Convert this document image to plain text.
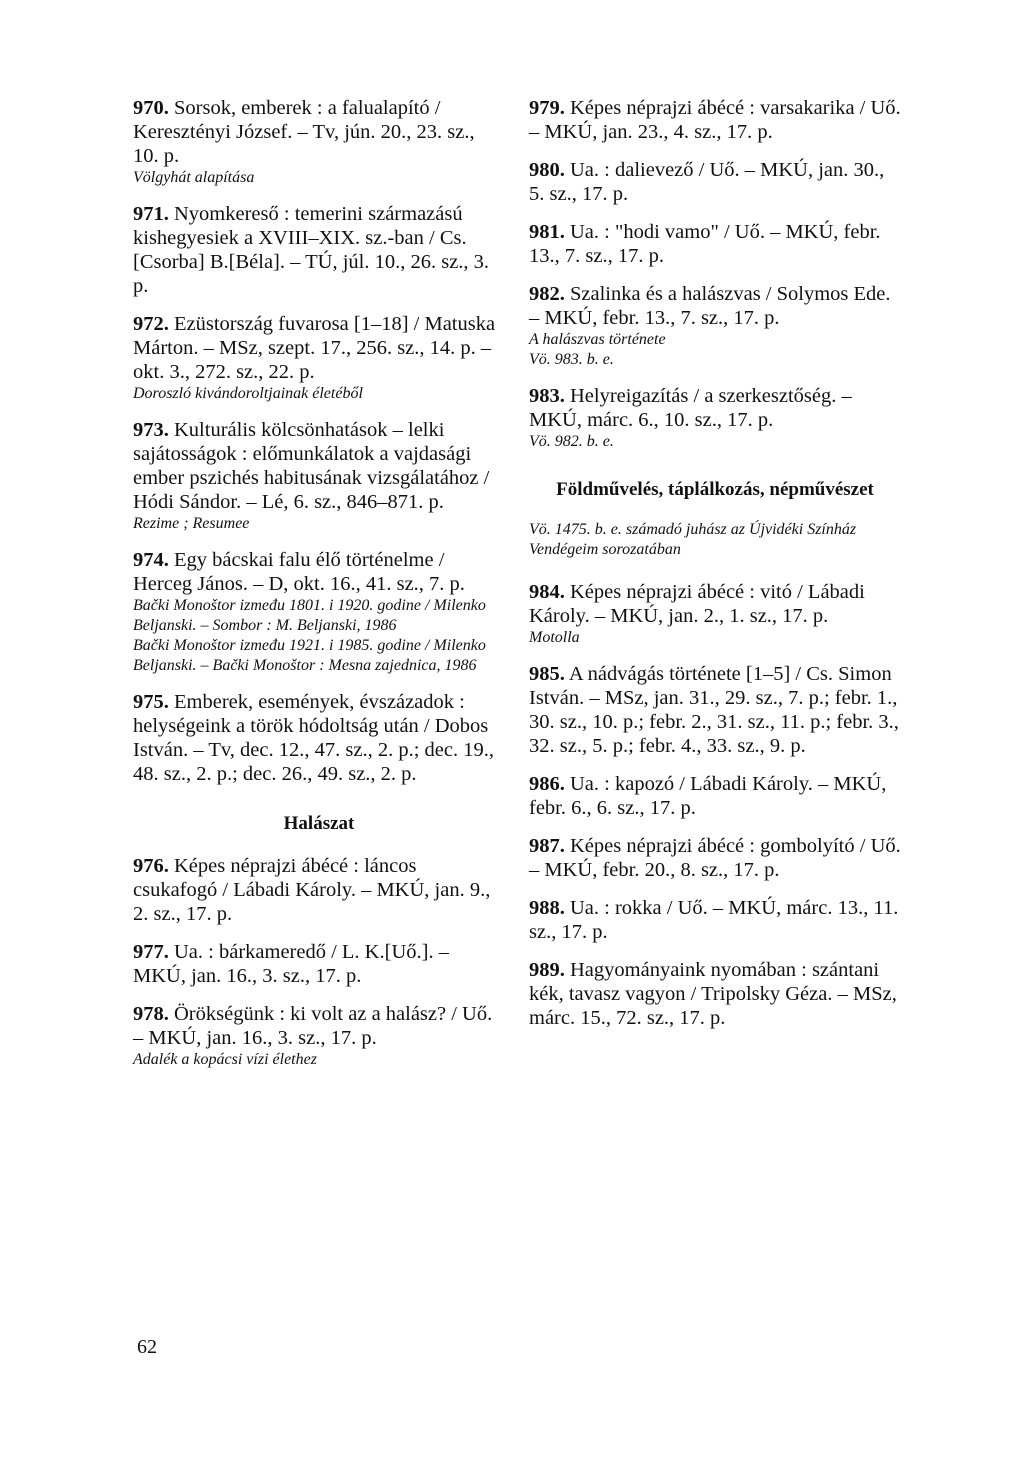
970. Sorsok, emberek : a falualapító / Keresztényi József. – Tv, jún. 20., 23. sz., 10. p.
Völgyhát alapítása
971. Nyomkereső : temerini származású kishegyesiek a XVIII–XIX. sz.-ban / Cs.[Csorba] B.[Béla]. – TÚ, júl. 10., 26. sz., 3. p.
972. Ezüstország fuvarosa [1–18] / Matuska Márton. – MSz, szept. 17., 256. sz., 14. p. – okt. 3., 272. sz., 22. p.
Doroszló kivándoroltjainak életéből
973. Kulturális kölcsönhatások – lelki sajátosságok : előmunkálatok a vajdasági ember pszichés habitusának vizsgálatához / Hódi Sándor. – Lé, 6. sz., 846–871. p.
Rezime ; Resumee
974. Egy bácskai falu élő történelme / Herceg János. – D, okt. 16., 41. sz., 7. p.
Bački Monoštor između 1801. i 1920. godine / Milenko Beljanski. – Sombor : M. Beljanski, 1986
Bački Monoštor između 1921. i 1985. godine / Milenko Beljanski. – Bački Monoštor : Mesna zajednica, 1986
975. Emberek, események, évszázadok : helységeink a török hódoltság után / Dobos István. – Tv, dec. 12., 47. sz., 2. p.; dec. 19., 48. sz., 2. p.; dec. 26., 49. sz., 2. p.
Halászat
976. Képes néprajzi ábécé : láncos csukafogó / Lábadi Károly. – MKÚ, jan. 9., 2. sz., 17. p.
977. Ua. : bárkameredő / L. K.[Uő.]. – MKÚ, jan. 16., 3. sz., 17. p.
978. Örökségünk : ki volt az a halász? / Uő. – MKÚ, jan. 16., 3. sz., 17. p.
Adalék a kopácsi vízi élethez
979. Képes néprajzi ábécé : varsakarika / Uő. – MKÚ, jan. 23., 4. sz., 17. p.
980. Ua. : dalievező / Uő. – MKÚ, jan. 30., 5. sz., 17. p.
981. Ua. : "hodi vamo" / Uő. – MKÚ, febr. 13., 7. sz., 17. p.
982. Szalinka és a halászvas / Solymos Ede. – MKÚ, febr. 13., 7. sz., 17. p.
A halászvas története
Vö. 983. b. e.
983. Helyreigazítás / a szerkesztőség. – MKÚ, márc. 6., 10. sz., 17. p.
Vö. 982. b. e.
Földművelés, táplálkozás, népművészet
Vö. 1475. b. e. számadó juhász az Újvidéki Színház Vendégeim sorozatában
984. Képes néprajzi ábécé : vitó / Lábadi Károly. – MKÚ, jan. 2., 1. sz., 17. p.
Motolla
985. A nádvágás története [1–5] / Cs. Simon István. – MSz, jan. 31., 29. sz., 7. p.; febr. 1., 30. sz., 10. p.; febr. 2., 31. sz., 11. p.; febr. 3., 32. sz., 5. p.; febr. 4., 33. sz., 9. p.
986. Ua. : kapozó / Lábadi Károly. – MKÚ, febr. 6., 6. sz., 17. p.
987. Képes néprajzi ábécé : gombolyító / Uő. – MKÚ, febr. 20., 8. sz., 17. p.
988. Ua. : rokka / Uő. – MKÚ, márc. 13., 11. sz., 17. p.
989. Hagyományaink nyomában : szántani kék, tavasz vagyon / Tripolsky Géza. – MSz, márc. 15., 72. sz., 17. p.
62
